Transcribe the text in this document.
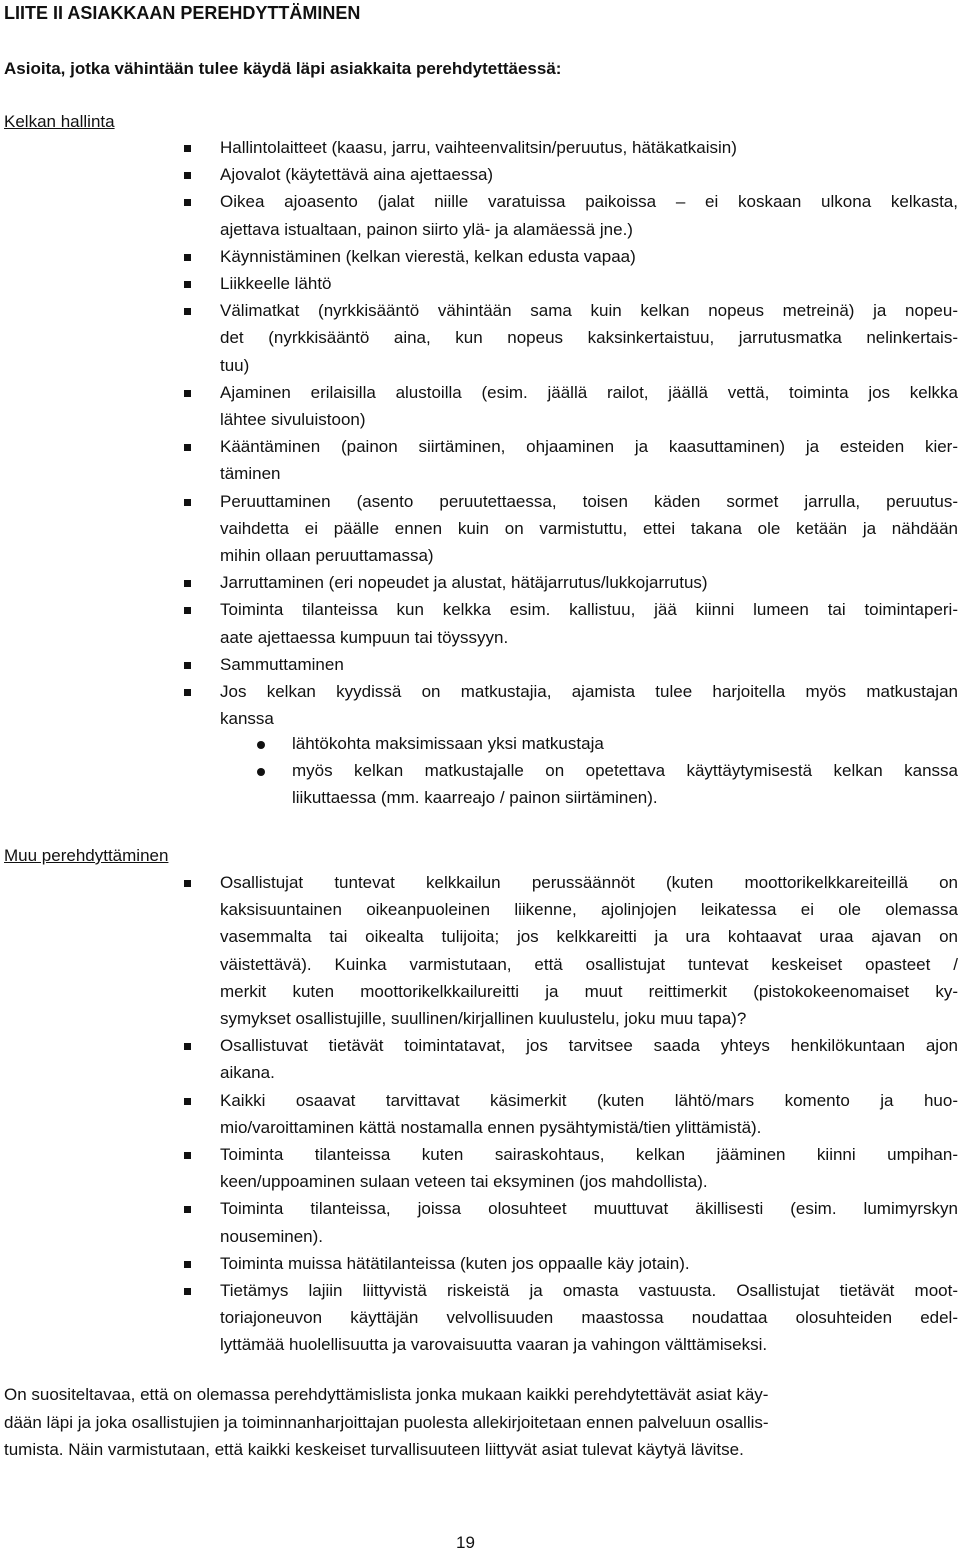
LIITE II ASIAKKAAN PEREHDYTTÄMINEN
Asioita, jotka vähintään tulee käydä läpi asiakkaita perehdytettäessä:
Kelkan hallinta
Hallintolaitteet (kaasu, jarru, vaihteenvalitsin/peruutus, hätäkatkaisin)
Ajovalot (käytettävä aina ajettaessa)
Oikea ajoasento (jalat niille varatuissa paikoissa – ei koskaan ulkona kelkasta,
ajettava istualtaan, painon siirto ylä- ja alamäessä jne.)
Käynnistäminen (kelkan vierestä, kelkan edusta vapaa)
Liikkeelle lähtö
Välimatkat (nyrkkisääntö vähintään sama kuin kelkan nopeus metreinä) ja nopeu-
det (nyrkkisääntö aina, kun nopeus kaksinkertaistuu, jarrutusmatka nelinkertais-
tuu)
Ajaminen erilaisilla alustoilla (esim. jäällä railot, jäällä vettä, toiminta jos kelkka
lähtee sivuluistoon)
Kääntäminen (painon siirtäminen, ohjaaminen ja kaasuttaminen) ja esteiden kier-
täminen
Peruuttaminen (asento peruutettaessa, toisen käden sormet jarrulla, peruutus-
vaihdetta ei päälle ennen kuin on varmistuttu, ettei takana ole ketään ja nähdään
mihin ollaan peruuttamassa)
Jarruttaminen (eri nopeudet ja alustat, hätäjarrutus/lukkojarrutus)
Toiminta tilanteissa kun kelkka esim. kallistuu, jää kiinni lumeen tai toimintaperi-
aate ajettaessa kumpuun tai töyssyyn.
Sammuttaminen
Jos kelkan kyydissä on matkustajia, ajamista tulee harjoitella myös matkustajan
kanssa
lähtökohta maksimissaan yksi matkustaja
myös kelkan matkustajalle on opetettava käyttäytymisestä kelkan kanssa
liikuttaessa (mm. kaarreajo / painon siirtäminen).
Muu perehdyttäminen
Osallistujat tuntevat kelkkailun perussäännöt (kuten moottorikelkkareiteillä on
kaksisuuntainen oikeanpuoleinen liikenne, ajolinjojen leikatessa ei ole olemassa
vasemmalta tai oikealta tulijoita; jos kelkkareitti ja ura kohtaavat uraa ajavan on
väistettävä). Kuinka varmistutaan, että osallistujat tuntevat keskeiset opasteet /
merkit kuten moottorikelkkailureitti ja muut reittimerkit (pistokokeenomaiset ky-
symykset osallistujille, suullinen/kirjallinen kuulustelu, joku muu tapa)?
Osallistuvat tietävät toimintatavat, jos tarvitsee saada yhteys henkilökuntaan ajon
aikana.
Kaikki osaavat tarvittavat käsimerkit (kuten lähtö/mars komento ja huo-
mio/varoittaminen kättä nostamalla ennen pysähtymistä/tien ylittämistä).
Toiminta tilanteissa kuten sairaskohtaus, kelkan jääminen kiinni umpihan-
keen/uppoaminen sulaan veteen tai eksyminen (jos mahdollista).
Toiminta tilanteissa, joissa olosuhteet muuttuvat äkillisesti (esim. lumimyrskyn
nouseminen).
Toiminta muissa hätätilanteissa (kuten jos oppaalle käy jotain).
Tietämys lajiin liittyvistä riskeistä ja omasta vastuusta. Osallistujat tietävät moot-
toriajoneuvon käyttäjän velvollisuuden maastossa noudattaa olosuhteiden edel-
lyttämää huolellisuutta ja varovaisuutta vaaran ja vahingon välttämiseksi.
On suositeltavaa, että on olemassa perehdyttämislista jonka mukaan kaikki perehdytettävät asiat käy-
dään läpi ja joka osallistujien ja toiminnanharjoittajan puolesta allekirjoitetaan ennen palveluun osallis-
tumista. Näin varmistutaan, että kaikki keskeiset turvallisuuteen liittyvät asiat tulevat käytyä lävitse.
19
